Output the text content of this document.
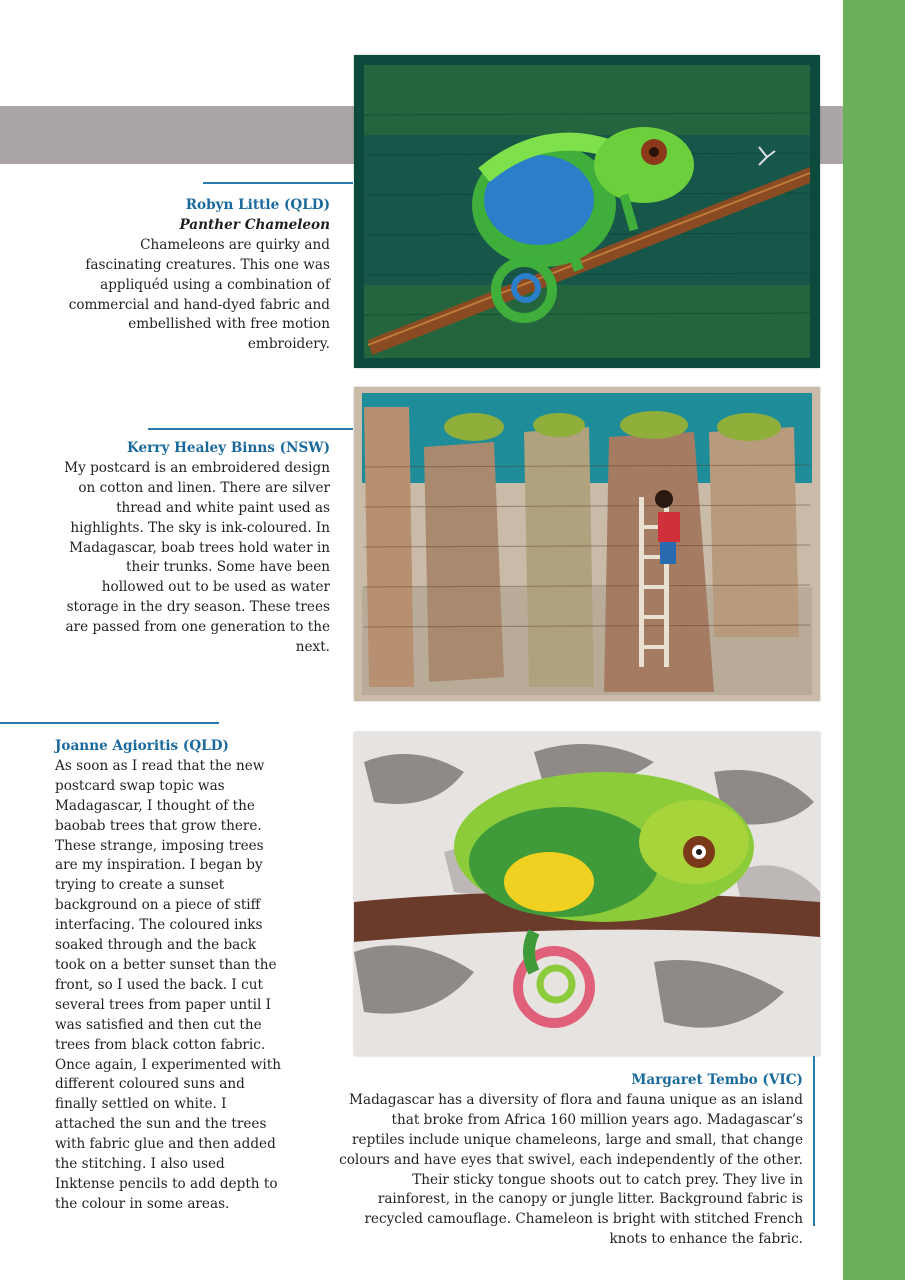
Robyn Little (QLD)
Panther Chameleon
Chameleons are quirky and fascinating creatures. This one was appliquéd using a combination of commercial and hand-dyed fabric and embellished with free motion embroidery.
Kerry Healey Binns (NSW)
My postcard is an embroidered design on cotton and linen. There are silver thread and white paint used as highlights. The sky is ink-coloured. In Madagascar, boab trees hold water in their trunks. Some have been hollowed out to be used as water storage in the dry season. These trees are passed from one generation to the next.
Joanne Agioritis (QLD)
As soon as I read that the new postcard swap topic was Madagascar, I thought of the baobab trees that grow there. These strange, imposing trees are my inspiration. I began by trying to create a sunset background on a piece of stiff interfacing. The coloured inks soaked through and the back took on a better sunset than the front, so I used the back. I cut several trees from paper until I was satisfied and then cut the trees from black cotton fabric. Once again, I experimented with different coloured suns and finally settled on white. I attached the sun and the trees with fabric glue and then added the stitching. I also used Inktense pencils to add depth to the colour in some areas.
Margaret Tembo (VIC)
Madagascar has a diversity of flora and fauna unique as an island that broke from Africa 160 million years ago. Madagascar’s reptiles include unique chameleons, large and small, that change colours and have eyes that swivel, each independently of the other. Their sticky tongue shoots out to catch prey. They live in rainforest, in the canopy or jungle litter. Background fabric is recycled camouflage. Chameleon is bright with stitched French knots to enhance the fabric.
